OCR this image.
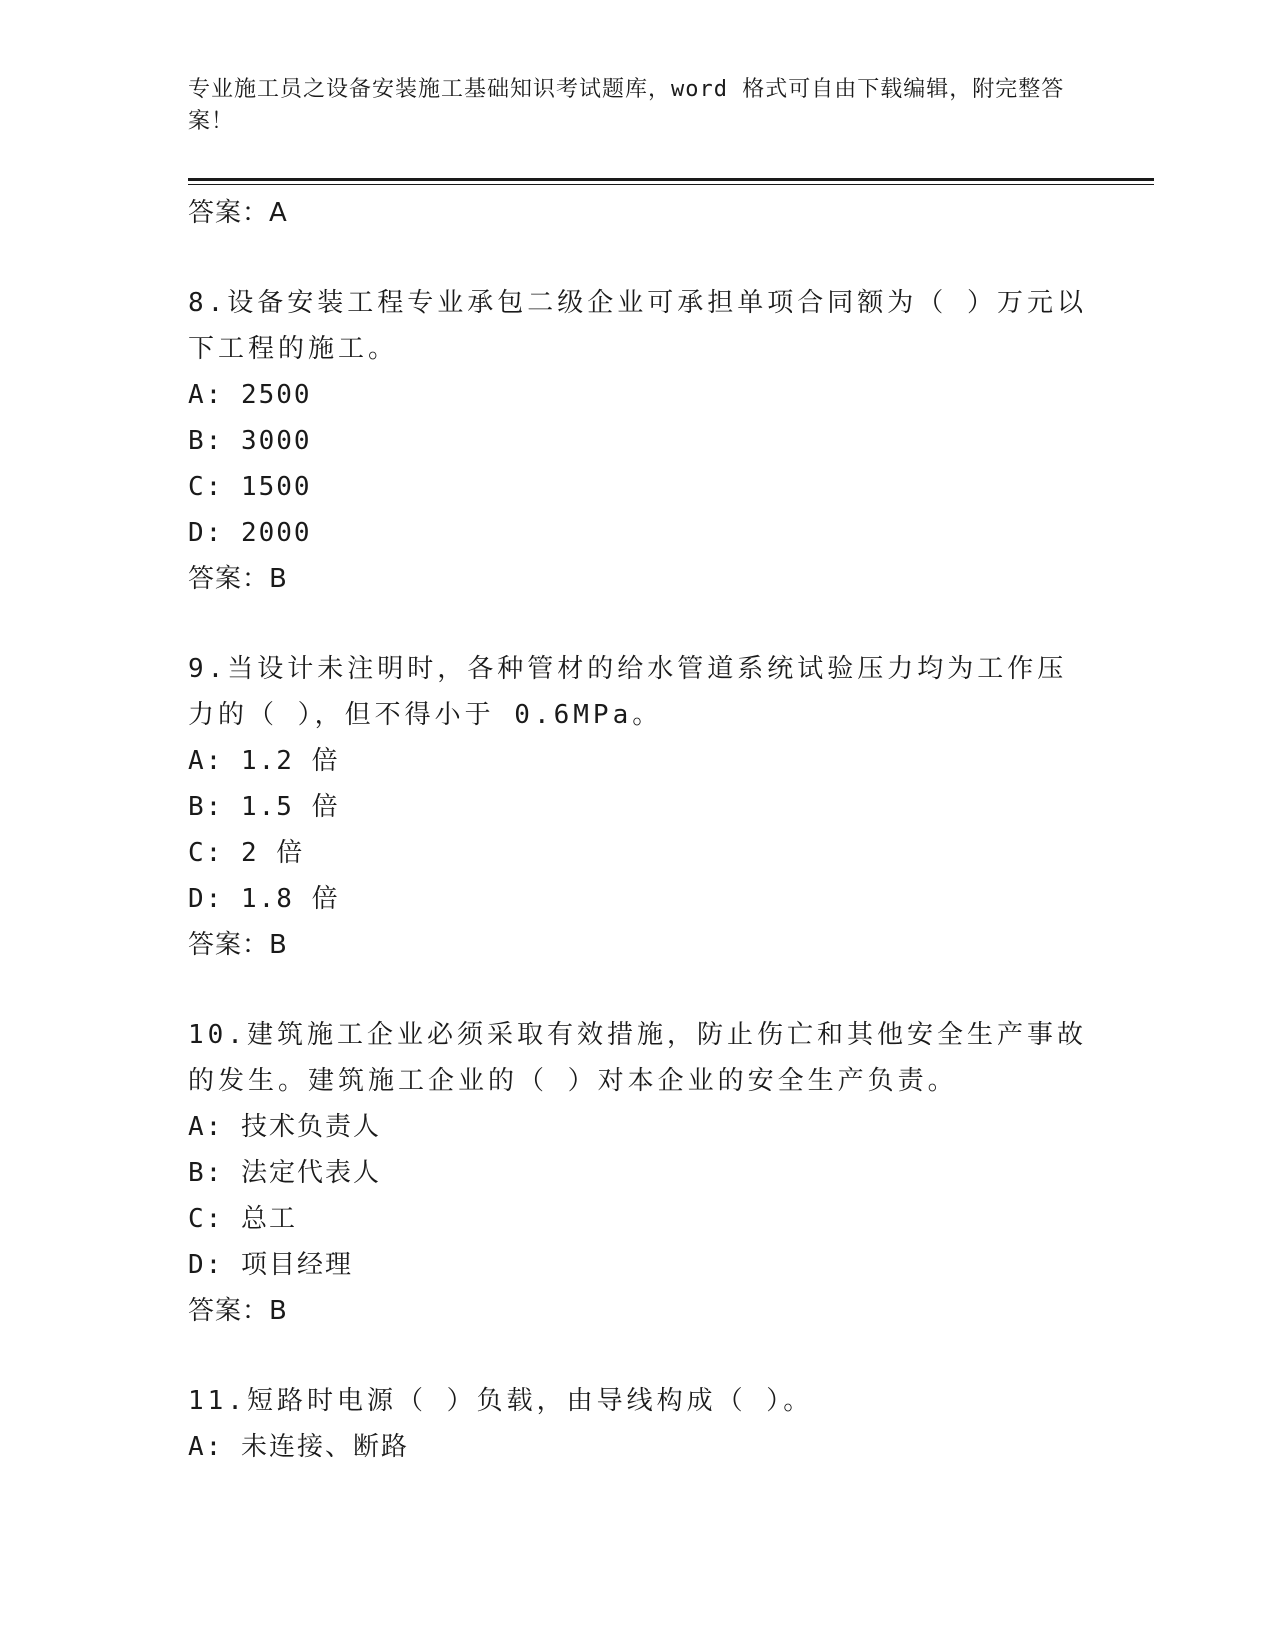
专业施工员之设备安装施工基础知识考试题库，word 格式可自由下载编辑，附完整答案！

答案：A

8.设备安装工程专业承包二级企业可承担单项合同额为（ ）万元以下工程的施工。

A: 2500

B: 3000

C: 1500

D: 2000

答案：B

9.当设计未注明时，各种管材的给水管道系统试验压力均为工作压力的（ ），但不得小于 0.6MPa。

A: 1.2 倍

B: 1.5 倍

C: 2 倍

D: 1.8 倍

答案：B

10.建筑施工企业必须采取有效措施，防止伤亡和其他安全生产事故的发生。建筑施工企业的（ ）对本企业的安全生产负责。

A: 技术负责人

B: 法定代表人

C: 总工

D: 项目经理

答案：B

11.短路时电源（ ）负载，由导线构成（ ）。

A: 未连接、断路
